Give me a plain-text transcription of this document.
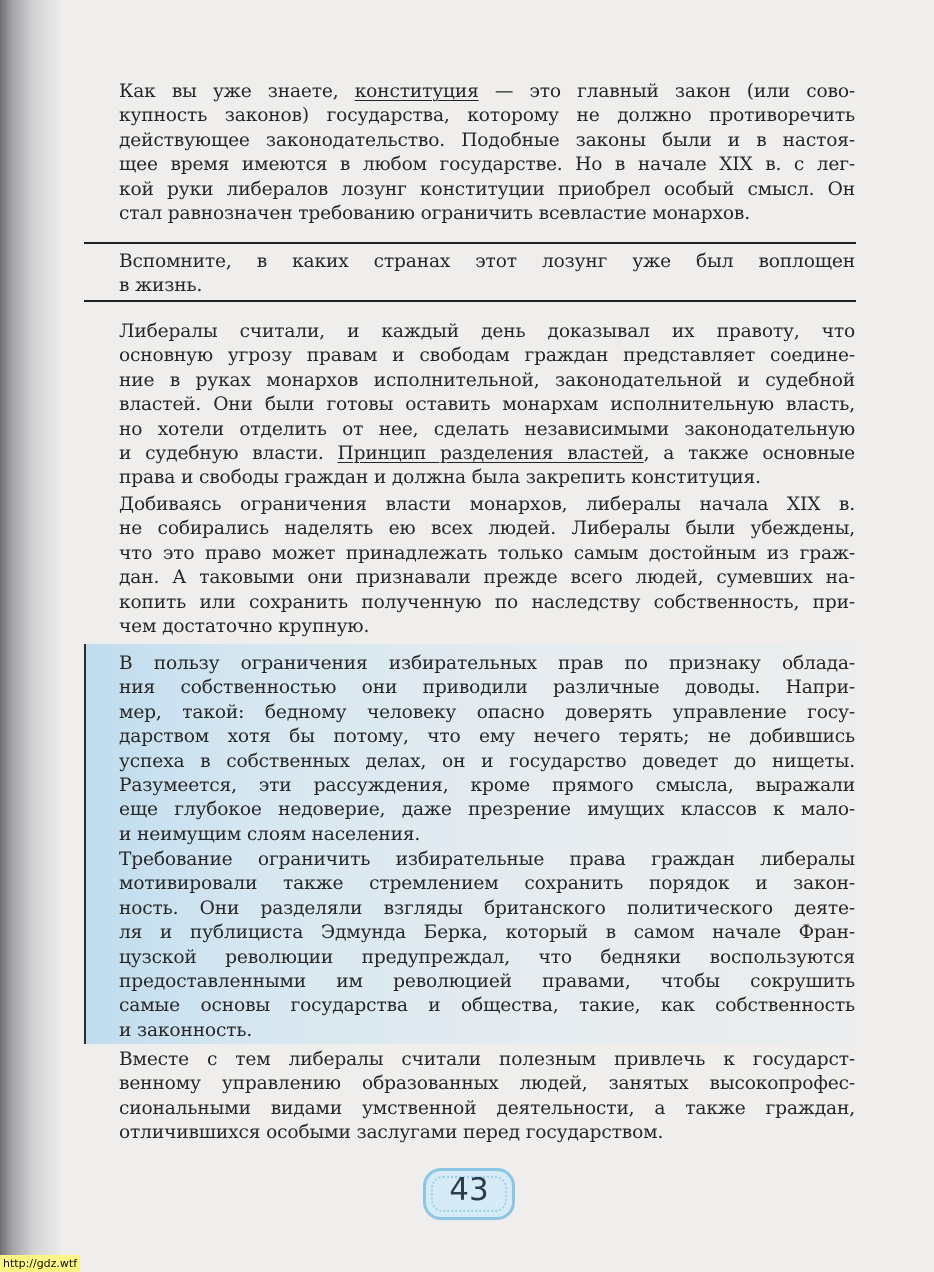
Как вы уже знаете, конституция — это главный закон (или сово-
купность законов) государства, которому не должно противоречить
действующее законодательство. Подобные законы были и в настоя-
щее время имеются в любом государстве. Но в начале XIX в. с лег-
кой руки либералов лозунг конституции приобрел особый смысл. Он
стал равнозначен требованию ограничить всевластие монархов.

Вспомните, в каких странах этот лозунг уже был воплощен
в жизнь.

Либералы считали, и каждый день доказывал их правоту, что
основную угрозу правам и свободам граждан представляет соедине-
ние в руках монархов исполнительной, законодательной и судебной
властей. Они были готовы оставить монархам исполнительную власть,
но хотели отделить от нее, сделать независимыми законодательную
и судебную власти. Принцип разделения властей, а также основные
права и свободы граждан и должна была закрепить конституция.

Добиваясь ограничения власти монархов, либералы начала XIX в.
не собирались наделять ею всех людей. Либералы были убеждены,
что это право может принадлежать только самым достойным из граж-
дан. А таковыми они признавали прежде всего людей, сумевших на-
копить или сохранить полученную по наследству собственность, при-
чем достаточно крупную.

В пользу ограничения избирательных прав по признаку облада-
ния собственностью они приводили различные доводы. Напри-
мер, такой: бедному человеку опасно доверять управление госу-
дарством хотя бы потому, что ему нечего терять; не добившись
успеха в собственных делах, он и государство доведет до нищеты.
Разумеется, эти рассуждения, кроме прямого смысла, выражали
еще глубокое недоверие, даже презрение имущих классов к мало-
и неимущим слоям населения.

Требование ограничить избирательные права граждан либералы
мотивировали также стремлением сохранить порядок и закон-
ность. Они разделяли взгляды британского политического деяте-
ля и публициста Эдмунда Берка, который в самом начале Фран-
цузской революции предупреждал, что бедняки воспользуются
предоставленными им революцией правами, чтобы сокрушить
самые основы государства и общества, такие, как собственность
и законность.

Вместе с тем либералы считали полезным привлечь к государст-
венному управлению образованных людей, занятых высокопрофес-
сиональными видами умственной деятельности, а также граждан,
отличившихся особыми заслугами перед государством.

43
http://gdz.wtf
